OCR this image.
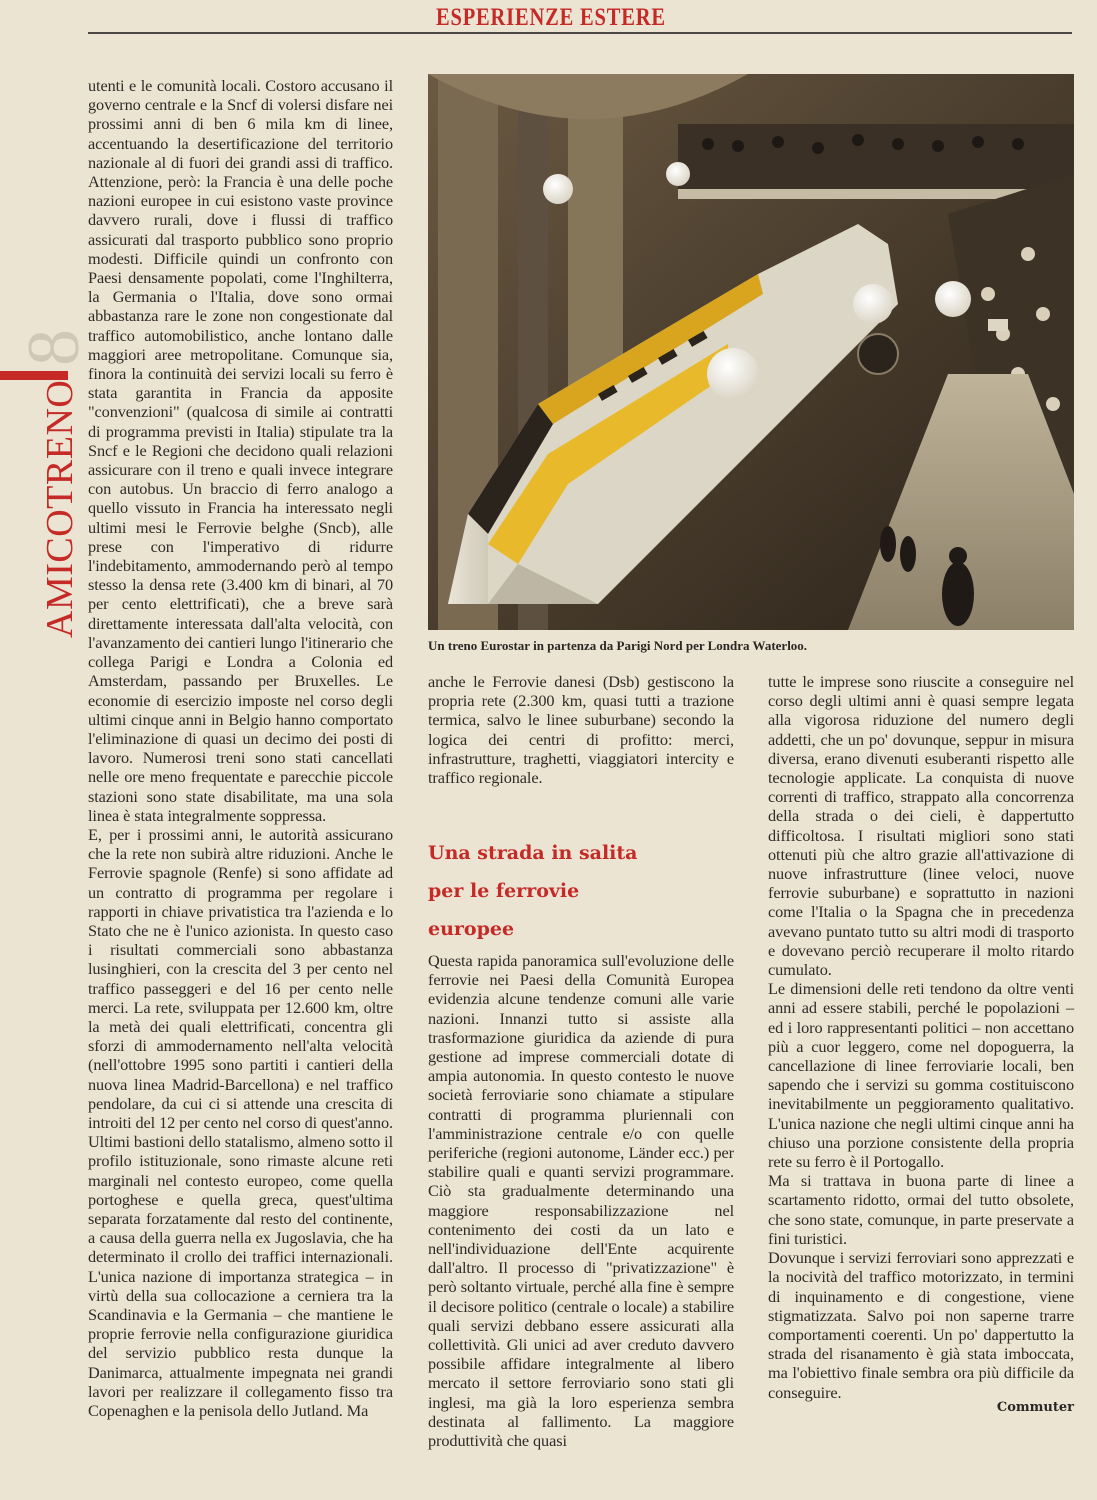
ESPERIENZE ESTERE
8
AMICOTRENO

utenti e le comunità locali. Costoro accusano il governo centrale e la Sncf di volersi disfare nei prossimi anni di ben 6 mila km di linee, accentuando la desertificazione del territorio nazionale al di fuori dei grandi assi di traffico. Attenzione, però: la Francia è una delle poche nazioni europee in cui esistono vaste province davvero rurali, dove i flussi di traffico assicurati dal trasporto pubblico sono proprio modesti. Difficile quindi un confronto con Paesi densamente popolati, come l'Inghilterra, la Germania o l'Italia, dove sono ormai abbastanza rare le zone non congestionate dal traffico automobilistico, anche lontano dalle maggiori aree metropolitane. Comunque sia, finora la continuità dei servizi locali su ferro è stata garantita in Francia da apposite "convenzioni" (qualcosa di simile ai contratti di programma previsti in Italia) stipulate tra la Sncf e le Regioni che decidono quali relazioni assicurare con il treno e quali invece integrare con autobus. Un braccio di ferro analogo a quello vissuto in Francia ha interessato negli ultimi mesi le Ferrovie belghe (Sncb), alle prese con l'imperativo di ridurre l'indebitamento, ammodernando però al tempo stesso la densa rete (3.400 km di binari, al 70 per cento elettrificati), che a breve sarà direttamente interessata dall'alta velocità, con l'avanzamento dei cantieri lungo l'itinerario che collega Parigi e Londra a Colonia ed Amsterdam, passando per Bruxelles. Le economie di esercizio imposte nel corso degli ultimi cinque anni in Belgio hanno comportato l'eliminazione di quasi un decimo dei posti di lavoro. Numerosi treni sono stati cancellati nelle ore meno frequentate e parecchie piccole stazioni sono state disabilitate, ma una sola linea è stata integralmente soppressa.

E, per i prossimi anni, le autorità assicurano che la rete non subirà altre riduzioni. Anche le Ferrovie spagnole (Renfe) si sono affidate ad un contratto di programma per regolare i rapporti in chiave privatistica tra l'azienda e lo Stato che ne è l'unico azionista. In questo caso i risultati commerciali sono abbastanza lusinghieri, con la crescita del 3 per cento nel traffico passeggeri e del 16 per cento nelle merci. La rete, sviluppata per 12.600 km, oltre la metà dei quali elettrificati, concentra gli sforzi di ammodernamento nell'alta velocità (nell'ottobre 1995 sono partiti i cantieri della nuova linea Madrid-Barcellona) e nel traffico pendolare, da cui ci si attende una crescita di introiti del 12 per cento nel corso di quest'anno. Ultimi bastioni dello statalismo, almeno sotto il profilo istituzionale, sono rimaste alcune reti marginali nel contesto europeo, come quella portoghese e quella greca, quest'ultima separata forzatamente dal resto del continente, a causa della guerra nella ex Jugoslavia, che ha determinato il crollo dei traffici internazionali. L'unica nazione di importanza strategica – in virtù della sua collocazione a cerniera tra la Scandinavia e la Germania – che mantiene le proprie ferrovie nella configurazione giuridica del servizio pubblico resta dunque la Danimarca, attualmente impegnata nei grandi lavori per realizzare il collegamento fisso tra Copenaghen e la penisola dello Jutland. Ma

Un treno Eurostar in partenza da Parigi Nord per Londra Waterloo.

anche le Ferrovie danesi (Dsb) gestiscono la propria rete (2.300 km, quasi tutti a trazione termica, salvo le linee suburbane) secondo la logica dei centri di profitto: merci, infrastrutture, traghetti, viaggiatori intercity e traffico regionale.

Una strada in salita
per le ferrovie
europee

Questa rapida panoramica sull'evoluzione delle ferrovie nei Paesi della Comunità Europea evidenzia alcune tendenze comuni alle varie nazioni. Innanzi tutto si assiste alla trasformazione giuridica da aziende di pura gestione ad imprese commerciali dotate di ampia autonomia. In questo contesto le nuove società ferroviarie sono chiamate a stipulare contratti di programma pluriennali con l'amministrazione centrale e/o con quelle periferiche (regioni autonome, Länder ecc.) per stabilire quali e quanti servizi programmare. Ciò sta gradualmente determinando una maggiore responsabilizzazione nel contenimento dei costi da un lato e nell'individuazione dell'Ente acquirente dall'altro. Il processo di "privatizzazione" è però soltanto virtuale, perché alla fine è sempre il decisore politico (centrale o locale) a stabilire quali servizi debbano essere assicurati alla collettività. Gli unici ad aver creduto davvero possibile affidare integralmente al libero mercato il settore ferroviario sono stati gli inglesi, ma già la loro esperienza sembra destinata al fallimento. La maggiore produttività che quasi

tutte le imprese sono riuscite a conseguire nel corso degli ultimi anni è quasi sempre legata alla vigorosa riduzione del numero degli addetti, che un po' dovunque, seppur in misura diversa, erano divenuti esuberanti rispetto alle tecnologie applicate. La conquista di nuove correnti di traffico, strappato alla concorrenza della strada o dei cieli, è dappertutto difficoltosa. I risultati migliori sono stati ottenuti più che altro grazie all'attivazione di nuove infrastrutture (linee veloci, nuove ferrovie suburbane) e soprattutto in nazioni come l'Italia o la Spagna che in precedenza avevano puntato tutto su altri modi di trasporto e dovevano perciò recuperare il molto ritardo cumulato.

Le dimensioni delle reti tendono da oltre venti anni ad essere stabili, perché le popolazioni – ed i loro rappresentanti politici – non accettano più a cuor leggero, come nel dopoguerra, la cancellazione di linee ferroviarie locali, ben sapendo che i servizi su gomma costituiscono inevitabilmente un peggioramento qualitativo. L'unica nazione che negli ultimi cinque anni ha chiuso una porzione consistente della propria rete su ferro è il Portogallo.

Ma si trattava in buona parte di linee a scartamento ridotto, ormai del tutto obsolete, che sono state, comunque, in parte preservate a fini turistici.

Dovunque i servizi ferroviari sono apprezzati e la nocività del traffico motorizzato, in termini di inquinamento e di congestione, viene stigmatizzata. Salvo poi non saperne trarre comportamenti coerenti. Un po' dappertutto la strada del risanamento è già stata imboccata, ma l'obiettivo finale sembra ora più difficile da conseguire.

Commuter
